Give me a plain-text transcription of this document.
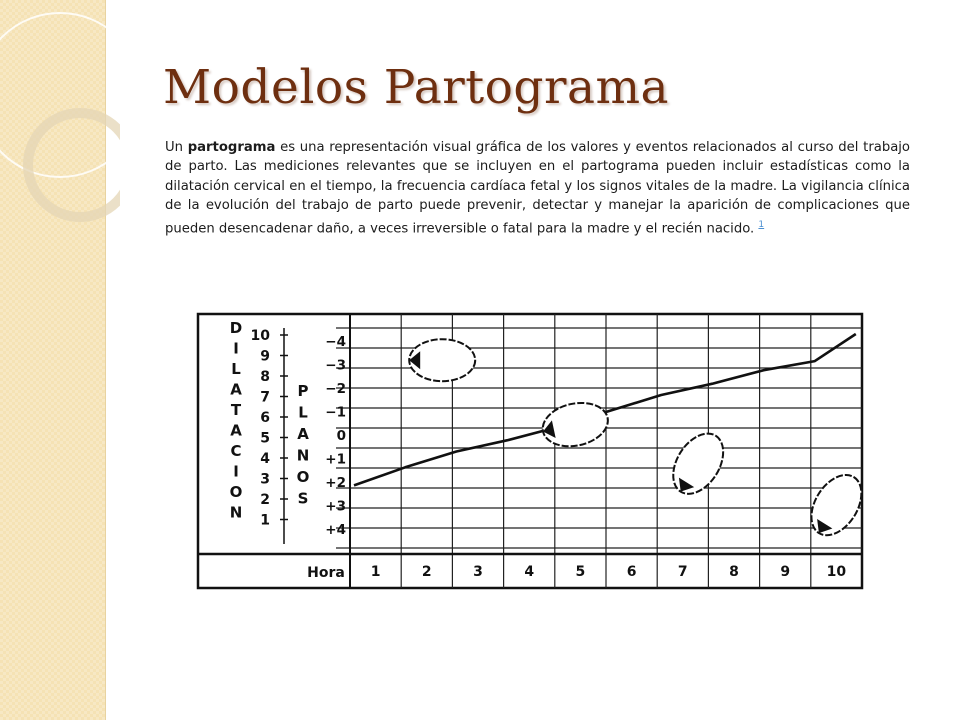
Modelos Partograma

Un partograma es una representación visual gráfica de los valores y eventos relacionados al curso del trabajo de parto. Las mediciones relevantes que se incluyen en el partograma pueden incluir estadísticas como la dilatación cervical en el tiempo, la frecuencia cardíaca fetal y los signos vitales de la madre. La vigilancia clínica de la evolución del trabajo de parto puede prevenir, detectar y manejar la aparición de complicaciones que pueden desencadenar daño, a veces irreversible o fatal para la madre y el recién nacido. $^1$

D
I
L
A
T
A
C
I
O
N
10
9
8
7
6
5
4
3
2
1
P
L
A
N
O
S
−4
−3
−2
−1
0
+1
+2
+3
+4
Hora 1	2	3	4	5	6	7	8	9	10
